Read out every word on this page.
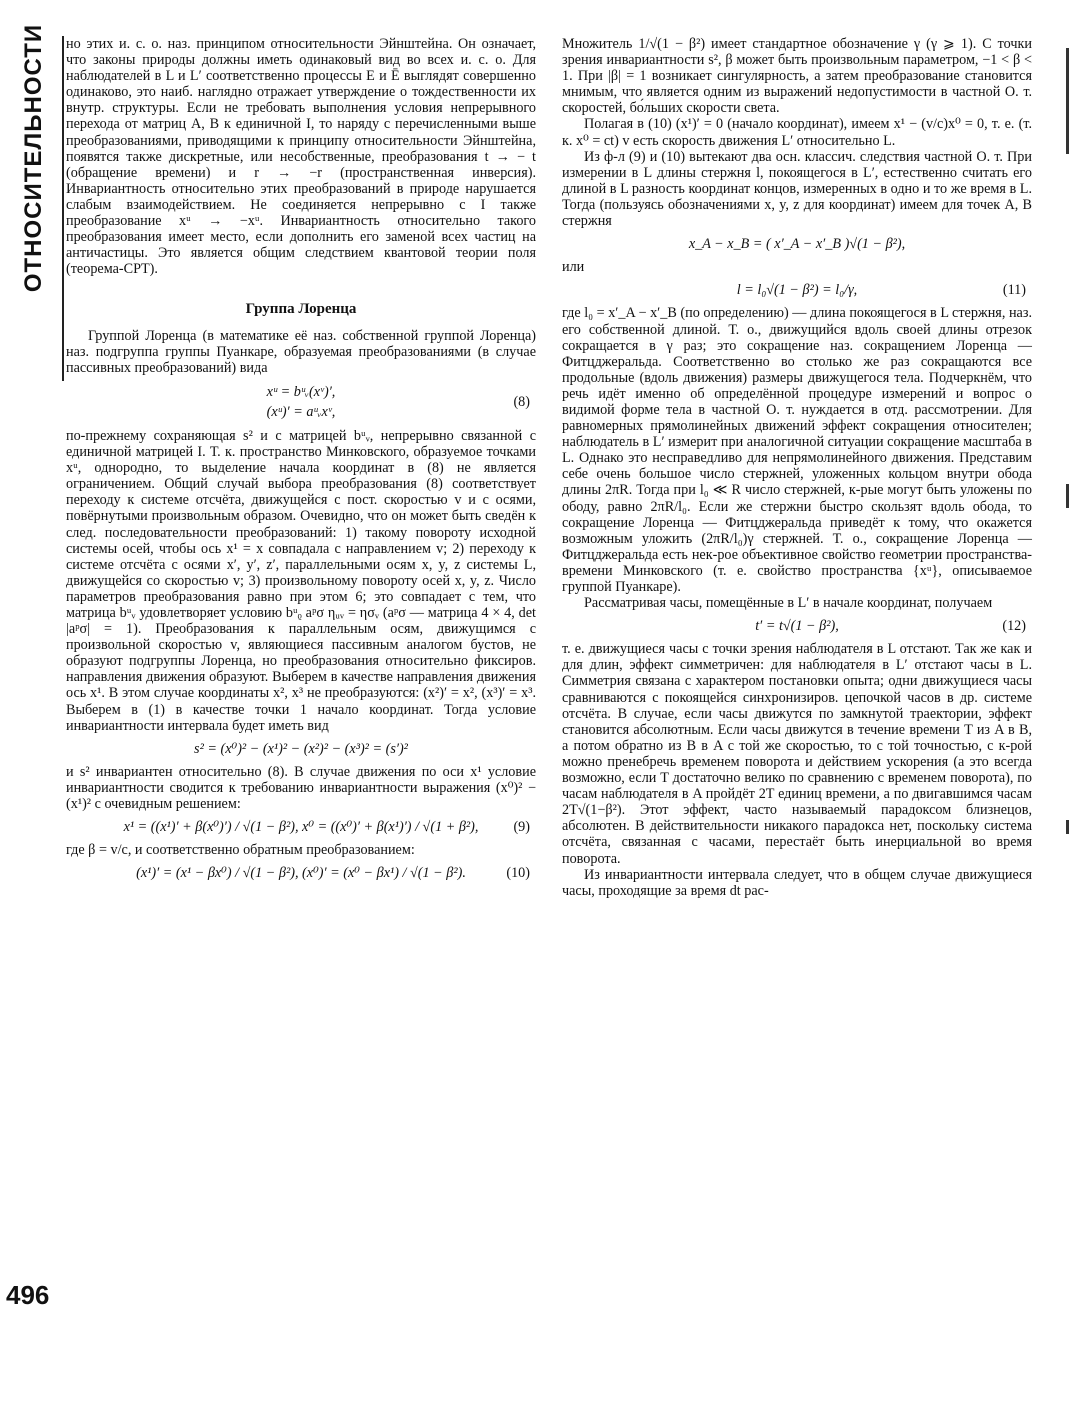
ОТНОСИТЕЛЬНОСТИ
496

но этих и. с. о. наз. принципом относительности Эйнштейна. Он означает, что законы природы должны иметь одинаковый вид во всех и. с. о. Для наблюдателей в L и L′ соответственно процессы E и Ē выглядят совершенно одинаково, это наиб. наглядно отражает утверждение о тождественности их внутр. структуры. Если не требовать выполнения условия непрерывного перехода от матриц A, B к единичной I, то наряду с перечисленными выше преобразованиями, приводящими к принципу относительности Эйнштейна, появятся также дискретные, или несобственные, преобразования t → − t (обращение времени) и r → −r (пространственная инверсия). Инвариантность относительно этих преобразований в природе нарушается слабым взаимодействием. Не соединяется непрерывно с I также преобразование xᵘ → −xᵘ. Инвариантность относительно такого преобразования имеет место, если дополнить его заменой всех частиц на античастицы. Это является общим следствием квантовой теории поля (теорема-CPT).

Группа Лоренца

Группой Лоренца (в математике её наз. собственной группой Лоренца) наз. подгруппа группы Пуанкаре, образуемая преобразованиями (в случае пассивных преобразований) вида

xᵘ = bᵘᵥ(xᵛ)′,
(xᵘ)′ = aᵘᵥxᵛ,
(8)

по-прежнему сохраняющая s² и с матрицей bᵘᵥ, непрерывно связанной с единичной матрицей I. Т. к. пространство Минковского, образуемое точками xᵘ, однородно, то выделение начала координат в (8) не является ограничением. Общий случай выбора преобразования (8) соответствует переходу к системе отсчёта, движущейся с пост. скоростью v и с осями, повёрнутыми произвольным образом. Очевидно, что он может быть сведён к след. последовательности преобразований: 1) такому повороту исходной системы осей, чтобы ось x¹ = x совпадала с направлением v; 2) переходу к системе отсчёта с осями x′, y′, z′, параллельными осям x, y, z системы L, движущейся со скоростью v; 3) произвольному повороту осей x, y, z. Число параметров преобразования равно при этом 6; это совпадает с тем, что матрица bᵘᵥ удовлетворяет условию bᵘᵨ aᵖσ ηᵤᵥ = ησᵥ (aᵖσ — матрица 4 × 4, det |aᵖσ| = 1). Преобразования к параллельным осям, движущимся с произвольной скоростью v, являющиеся пассивным аналогом бустов, не образуют подгруппы Лоренца, но преобразования относительно фиксиров. направления движения образуют. Выберем в качестве направления движения ось x¹. В этом случае координаты x², x³ не преобразуются: (x²)′ = x², (x³)′ = x³. Выберем в (1) в качестве точки 1 начало координат. Тогда условие инвариантности интервала будет иметь вид

s² = (x⁰)² − (x¹)² − (x²)² − (x³)² = (s′)²

и s² инвариантен относительно (8). В случае движения по оси x¹ условие инвариантности сводится к требованию инвариантности выражения (x⁰)² − (x¹)² с очевидным решением:

x¹ = ((x¹)′ + β(x⁰)′) / √(1 − β²), x⁰ = ((x⁰)′ + β(x¹)′) / √(1 + β²), (9)

где β = v/c, и соответственно обратным преобразованием:

(x¹)′ = (x¹ − βx⁰) / √(1 − β²), (x⁰)′ = (x⁰ − βx¹) / √(1 − β²).	(10)

Множитель 1/√(1 − β²) имеет стандартное обозначение γ (γ ⩾ 1). С точки зрения инвариантности s², β может быть произвольным параметром, −1 < β < 1. При |β| = 1 возникает сингулярность, а затем преобразование становится мнимым, что является одним из выражений недопустимости в частной О. т. скоростей, бо́льших скорости света.

Полагая в (10) (x¹)′ = 0 (начало координат), имеем x¹ − (v/c)x⁰ = 0, т. е. (т. к. x⁰ = ct) v есть скорость движения L′ относительно L.

Из ф-л (9) и (10) вытекают два осн. классич. следствия частной О. т. При измерении в L длины стержня l, покоящегося в L′, естественно считать его длиной в L разность координат концов, измеренных в одно и то же время в L. Тогда (пользуясь обозначениями x, y, z для координат) имеем для точек A, B стержня

x_A − x_B = ( x′_A − x′_B )√(1 − β²),

или

l = l₀√(1 − β²) = l₀/γ,	(11)

где l₀ = x′_A − x′_B (по определению) — длина покоящегося в L стержня, наз. его собственной длиной. Т. о., движущийся вдоль своей длины отрезок сокращается в γ раз; это сокращение наз. сокращением Лоренца — Фитцджеральда. Соответственно во столько же раз сокращаются все продольные (вдоль движения) размеры движущегося тела. Подчеркнём, что речь идёт именно об определённой процедуре измерений и вопрос о видимой форме тела в частной О. т. нуждается в отд. рассмотрении. Для равномерных прямолинейных движений эффект сокращения относителен; наблюдатель в L′ измерит при аналогичной ситуации сокращение масштаба в L. Однако это несправедливо для непрямолинейного движения. Представим себе очень большое число стержней, уложенных кольцом внутри обода длины 2πR. Тогда при l₀ ≪ R число стержней, к-рые могут быть уложены по ободу, равно 2πR/l₀. Если же стержни быстро скользят вдоль обода, то сокращение Лоренца — Фитцджеральда приведёт к тому, что окажется возможным уложить (2πR/l₀)γ стержней. Т. о., сокращение Лоренца — Фитцджеральда есть нек-рое объективное свойство геометрии пространства-времени Минковского (т. е. свойство пространства {xᵘ}, описываемое группой Пуанкаре).

Рассматривая часы, помещённые в L′ в начале координат, получаем

t′ = t√(1 − β²),	(12)

т. е. движущиеся часы с точки зрения наблюдателя в L отстают. Так же как и для длин, эффект симметричен: для наблюдателя в L′ отстают часы в L. Симметрия связана с характером постановки опыта; одни движущиеся часы сравниваются с покоящейся синхронизиров. цепочкой часов в др. системе отсчёта. В случае, если часы движутся по замкнутой траектории, эффект становится абсолютным. Если часы движутся в течение времени T из A в B, а потом обратно из B в A с той же скоростью, то с той точностью, с к-рой можно пренебречь временем поворота и действием ускорения (а это всегда возможно, если T достаточно велико по сравнению с временем поворота), по часам наблюдателя в A пройдёт 2T единиц времени, а по двигавшимся часам 2T√(1−β²). Этот эффект, часто называемый парадоксом близнецов, абсолютен. В действительности никакого парадокса нет, поскольку система отсчёта, связанная с часами, перестаёт быть инерциальной во время поворота.

Из инвариантности интервала следует, что в общем случае движущиеся часы, проходящие за время dt рас-
